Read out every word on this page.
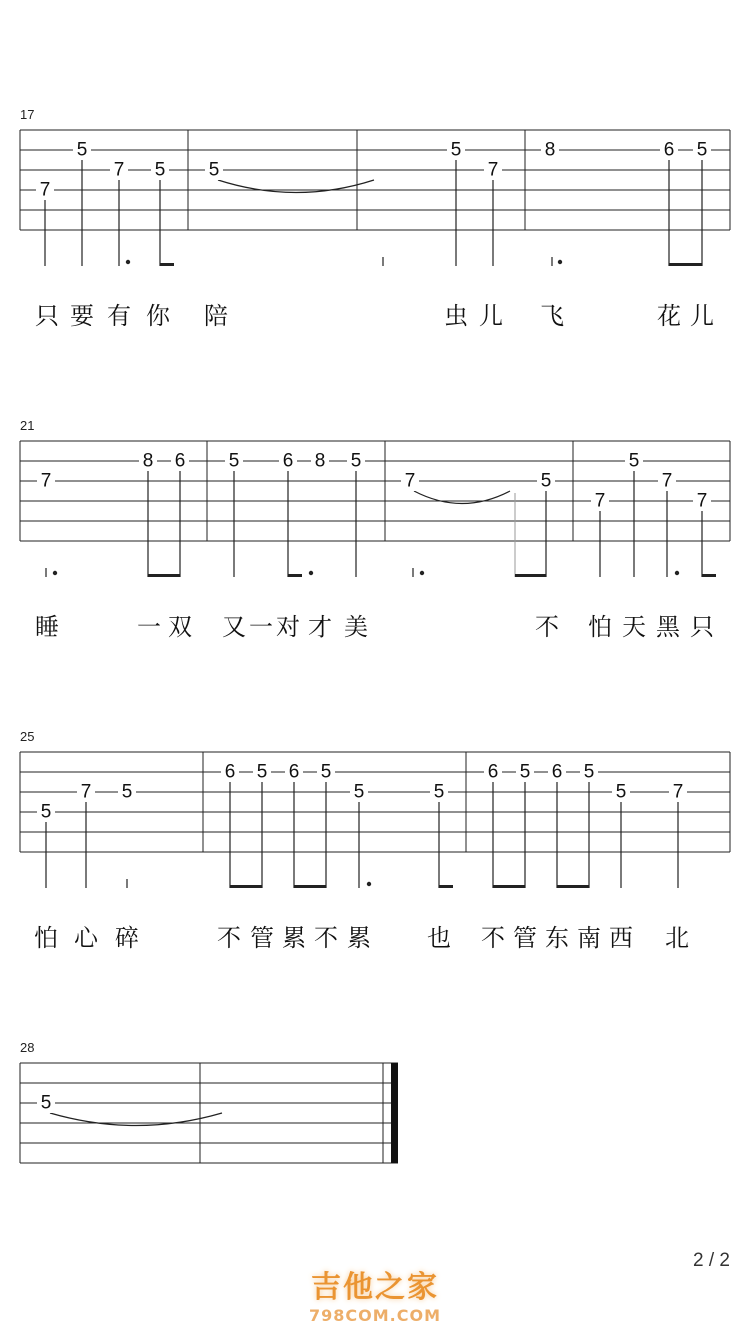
17
7
5
7 5 5
5
7
8	6 5
只 要 有 你 陪	虫 儿 飞	花 儿
21
7
8 6 5 6 8 5
7	5
7
5
7
7
睡	一 双 又 一 对 才 美	不 怕 天 黑 只
25
5
7 5
6 5 6 5
5	5
6 5 6 5
5 7
怕 心 碎	不 管 累 不 累 也 不 管 东 南 西 北
28
5
2 / 2
吉他之家
798COM.COM
